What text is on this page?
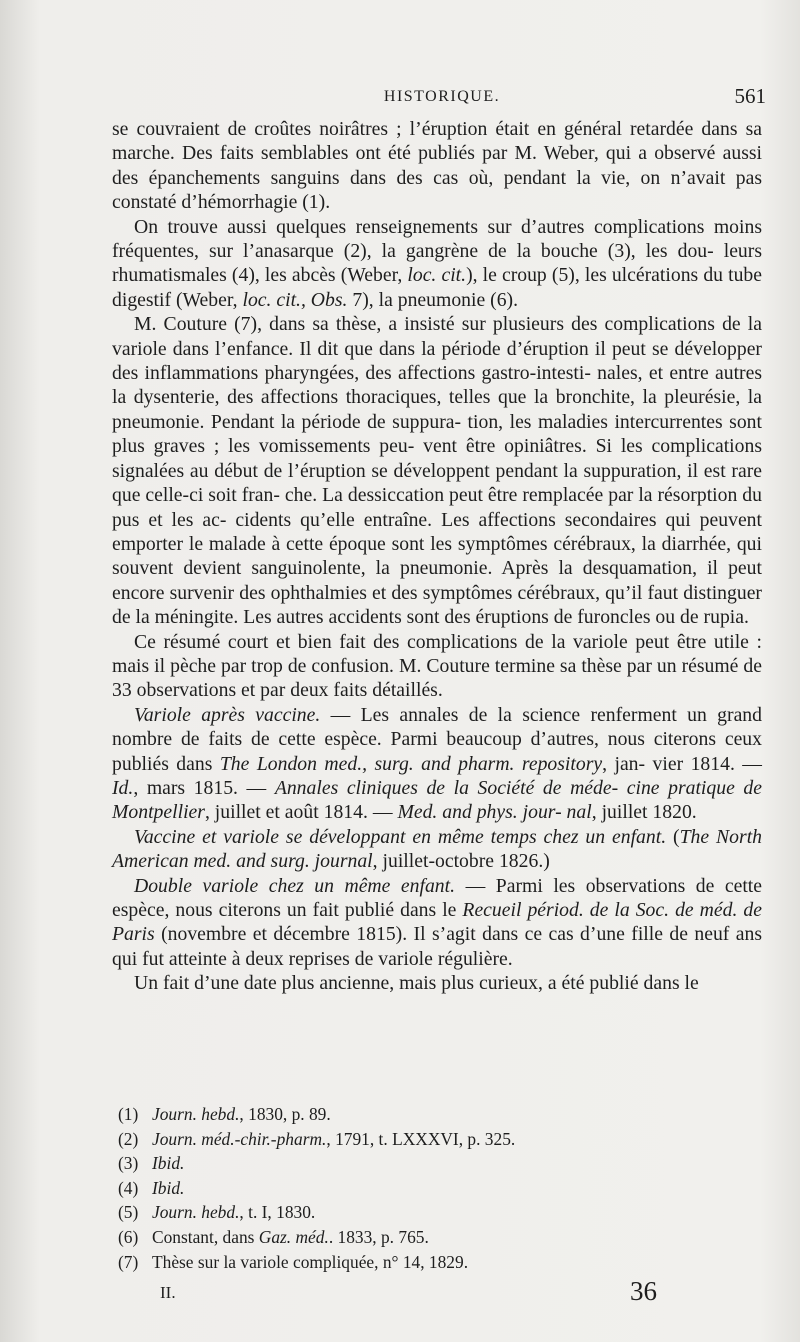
HISTORIQUE.	561

se couvraient de croûtes noirâtres ; l’éruption était en général retardée dans sa marche. Des faits semblables ont été publiés par M. Weber, qui a observé aussi des épanchements sanguins dans des cas où, pendant la vie, on n’avait pas constaté d’hémorrhagie (1).

On trouve aussi quelques renseignements sur d’autres complications moins fréquentes, sur l’anasarque (2), la gangrène de la bouche (3), les dou- leurs rhumatismales (4), les abcès (Weber, loc. cit.), le croup (5), les ulcérations du tube digestif (Weber, loc. cit., Obs. 7), la pneumonie (6).

M. Couture (7), dans sa thèse, a insisté sur plusieurs des complications de la variole dans l’enfance. Il dit que dans la période d’éruption il peut se développer des inflammations pharyngées, des affections gastro-intesti- nales, et entre autres la dysenterie, des affections thoraciques, telles que la bronchite, la pleurésie, la pneumonie. Pendant la période de suppura- tion, les maladies intercurrentes sont plus graves ; les vomissements peu- vent être opiniâtres. Si les complications signalées au début de l’éruption se développent pendant la suppuration, il est rare que celle-ci soit fran- che. La dessiccation peut être remplacée par la résorption du pus et les ac- cidents qu’elle entraîne. Les affections secondaires qui peuvent emporter le malade à cette époque sont les symptômes cérébraux, la diarrhée, qui souvent devient sanguinolente, la pneumonie. Après la desquamation, il peut encore survenir des ophthalmies et des symptômes cérébraux, qu’il faut distinguer de la méningite. Les autres accidents sont des éruptions de furoncles ou de rupia.

Ce résumé court et bien fait des complications de la variole peut être utile : mais il pèche par trop de confusion. M. Couture termine sa thèse par un résumé de 33 observations et par deux faits détaillés.

Variole après vaccine. — Les annales de la science renferment un grand nombre de faits de cette espèce. Parmi beaucoup d’autres, nous citerons ceux publiés dans The London med., surg. and pharm. repository, jan- vier 1814. — Id., mars 1815. — Annales cliniques de la Société de méde- cine pratique de Montpellier, juillet et août 1814. — Med. and phys. jour- nal, juillet 1820.

Vaccine et variole se développant en même temps chez un enfant. (The North American med. and surg. journal, juillet-octobre 1826.)

Double variole chez un même enfant. — Parmi les observations de cette espèce, nous citerons un fait publié dans le Recueil périod. de la Soc. de méd. de Paris (novembre et décembre 1815). Il s’agit dans ce cas d’une fille de neuf ans qui fut atteinte à deux reprises de variole régulière.

Un fait d’une date plus ancienne, mais plus curieux, a été publié dans le

(1) Journ. hebd., 1830, p. 89.
(2) Journ. méd.-chir.-pharm., 1791, t. LXXXVI, p. 325.
(3) Ibid.
(4) Ibid.
(5) Journ. hebd., t. I, 1830.
(6) Constant, dans Gaz. méd.. 1833, p. 765.
(7) Thèse sur la variole compliquée, n° 14, 1829.
II.	36
